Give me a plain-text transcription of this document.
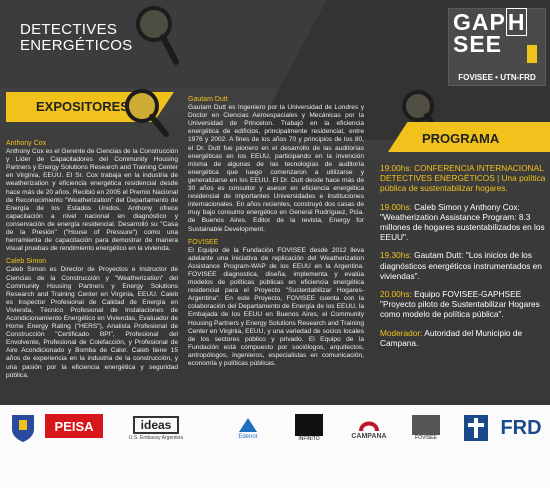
DETECTIVES
ENERGÉTICOS
GAPH
SEE
FOVISEE • UTN-FRD
EXPOSITORES

Anthony Cox
Anthony Cox es el Gerente de Ciencias de la Construcción y Líder de Capacitadores del Community Housing Partners y Energy Solutions Research and Training Center en Virginia, EEUU. El Sr. Cox trabaja en la industria de weatherization y eficiencia energética residencial desde hace más de 20 años. Recibió en 2005 el Premio Nacional de Reconocimiento "Weatherization" del Departamento de Energía de los Estados Unidos. Anthony ofrece capacitación a nivel nacional en diagnóstico y conservación de energía residencial. Desarrolló su "Casa de la Presión" ("House of Pressure") como una herramienta de capacitación para demostrar de manera visual pruebas de rendimiento energético en la vivienda.

Caleb Simon
Caleb Simon es Director de Proyectos e Instructor de Ciencias de la Construcción y "Weatherization" del Community Housing Partners y Energy Solutions Research and Training Center en Virginia, EEUU. Caleb es Inspector Profesional de Calidad de Energía en Vivienda, Técnico Profesional de Instalaciones de Acondicionamiento Energético en Viviendas, Evaluador de Home Energy Rating ("HERS"), Analista Profesional de Construcción "Certificado BPI", Profesional del Envolvente, Profesional de Colefacción, y Profesional de Aire Acondicionado y Bomba de Calor. Caleb tiene 15 años de experiencia en la industria de la construcción, y una pasión por la eficiencia energética y seguridad pública.

Gautam Dutt
Gautam Dutt es Ingeniero por la Universidad de Londres y Doctor en Ciencias Aeroespaciales y Mecánicas por la Universidad de Princeton. Trabajó en la eficiencia energética de edificios, principalmente residencial, entre 1976 y 2002. A fines de los años 70 y principios de los 80, el Dr. Dutt fue pionero en el desarrollo de las auditorías energéticas en los EEUU, participando en la invención misma de algunas de las tecnologías de auditoría energética que luego comenzaron a utilizarse y generalizarse en los EEUU. El Dr. Dutt desde hace más de 30 años es consultor y asesor en eficiencia energética residencial de importantes Universidades e Instituciones internacionales. En años recientes, construyó dos casas de muy bajo consumo energético en General Rodríguez, Pcia. de Buenos Aires. Editor de la revista, Energy for Sustainable Development.

FOVISEE
El Equipo de la Fundación FOVISEE desde 2012 lleva adelante una iniciativa de replicación del Weatherization Assistance Program-WAP de los EEUU en la Argentina. FOVISEE diagnostica, diseña, implementa y evalúa modelos de políticas públicas en eficiencia energética residencial para el Proyecto "Sustentabilizar Hogares-Argentina". En este Proyecto, FOVISEE cuenta con la colaboración del Departamento de Energía de los EEUU, la Embajada de los EEUU en Buenos Aires, el Community Housing Partners y Energy Solutions Research and Training Center en Virginia, EEUU, y una variedad de socios locales de los sectores público y privado. El Equipo de la Fundación está compuesto por sociólogos, arquitectos, antropólogos, ingenieros, especialistas en comunicación, economía y políticas públicas.

PROGRAMA

19:00hs: CONFERENCIA INTERNACIONAL DETECTIVES ENERGÉTICOS | Una política pública de sustentabilizar hogares.

19.00hs: Caleb Simon y Anthony Cox: "Weatherization Assistance Program: 8.3 millones de hogares sustentabilizados en los EEUU".

19.30hs: Gautam Dutt: "Los inicios de los diagnósticos energéticos instrumentados en viviendas".

20.00hs: Equipo FOVISEE-GAPHSEE "Proyecto piloto de Sustentabilizar Hogares como modelo de política pública".

Moderador: Autoridad del Municipio de Campana.

PEISA	ideas
U.S. Embassy Argentina	Edenor	INFINITO	CAMPANA	FOVISEE	FRD
